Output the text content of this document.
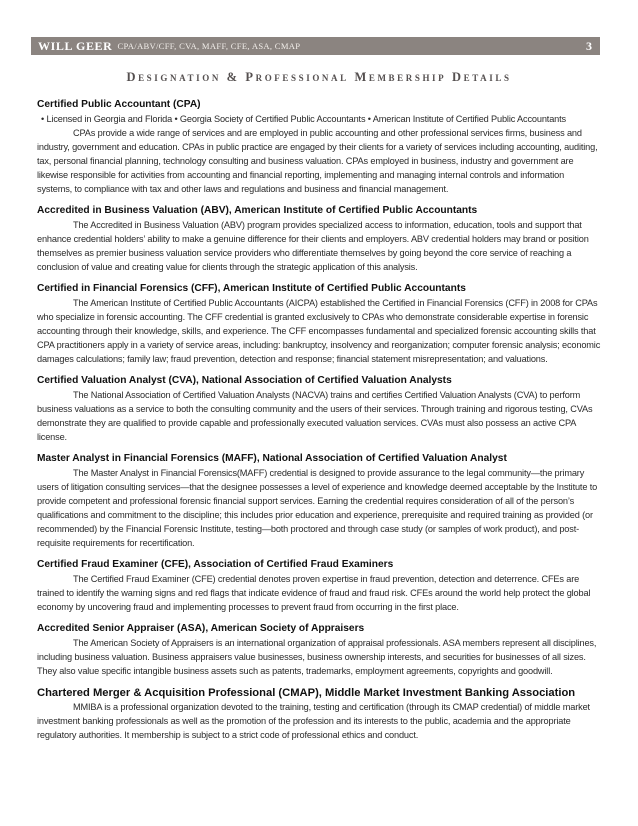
WILL GEER CPA/ABV/CFF, CVA, MAFF, CFE, ASA, CMAP	3
Designation & Professional Membership Details

Certified Public Accountant (CPA)

• Licensed in Georgia and Florida • Georgia Society of Certified Public Accountants • American Institute of Certified Public Accountants

CPAs provide a wide range of services and are employed in public accounting and other professional services firms, business and industry, government and education. CPAs in public practice are engaged by their clients for a variety of services including accounting, auditing, tax, personal financial planning, technology consulting and business valuation. CPAs employed in business, industry and government are likewise responsible for activities from accounting and financial reporting, implementing and managing internal controls and information systems, to compliance with tax and other laws and regulations and business and financial management.

Accredited in Business Valuation (ABV), American Institute of Certified Public Accountants

The Accredited in Business Valuation (ABV) program provides specialized access to information, education, tools and support that enhance credential holders’ ability to make a genuine difference for their clients and employers. ABV credential holders may brand or position themselves as premier business valuation service providers who differentiate themselves by going beyond the core service of reaching a conclusion of value and creating value for clients through the strategic application of this analysis.

Certified in Financial Forensics (CFF), American Institute of Certified Public Accountants

The American Institute of Certified Public Accountants (AICPA) established the Certified in Financial Forensics (CFF) in 2008 for CPAs who specialize in forensic accounting. The CFF credential is granted exclusively to CPAs who demonstrate considerable expertise in forensic accounting through their knowledge, skills, and experience. The CFF encompasses fundamental and specialized forensic accounting skills that CPA practitioners apply in a variety of service areas, including: bankruptcy, insolvency and reorganization; computer forensic analysis; economic damages calculations; family law; fraud prevention, detection and response; financial statement misrepresentation; and valuations.

Certified Valuation Analyst (CVA), National Association of Certified Valuation Analysts

The National Association of Certified Valuation Analysts (NACVA) trains and certifies Certified Valuation Analysts (CVA) to perform business valuations as a service to both the consulting community and the users of their services. Through training and rigorous testing, CVAs demonstrate they are qualified to provide capable and professionally executed valuation services. CVAs must also possess an active CPA license.

Master Analyst in Financial Forensics (MAFF), National Association of Certified Valuation Analyst

The Master Analyst in Financial Forensics(MAFF) credential is designed to provide assurance to the legal community—the primary users of litigation consulting services—that the designee possesses a level of experience and knowledge deemed acceptable by the Institute to provide competent and professional forensic financial support services. Earning the credential requires consideration of all of the person’s qualifications and commitment to the discipline; this includes prior education and experience, prerequisite and required training as provided (or recommended) by the Financial Forensic Institute, testing—both proctored and through case study (or samples of work product), and post-requisite requirements for recertification.

Certified Fraud Examiner (CFE), Association of Certified Fraud Examiners

The Certified Fraud Examiner (CFE) credential denotes proven expertise in fraud prevention, detection and deterrence. CFEs are trained to identify the warning signs and red flags that indicate evidence of fraud and fraud risk. CFEs around the world help protect the global economy by uncovering fraud and implementing processes to prevent fraud from occurring in the first place.

Accredited Senior Appraiser (ASA), American Society of Appraisers

The American Society of Appraisers is an international organization of appraisal professionals. ASA members represent all disciplines, including business valuation. Business appraisers value businesses, business ownership interests, and securities for businesses of all sizes. They also value specific intangible business assets such as patents, trademarks, employment agreements, copyrights and goodwill.

Chartered Merger & Acquisition Professional (CMAP), Middle Market Investment Banking Association

MMIBA is a professional organization devoted to the training, testing and certification (through its CMAP credential) of middle market investment banking professionals as well as the promotion of the profession and its interests to the public, academia and the appropriate regulatory authorities. It membership is subject to a strict code of professional ethics and conduct.
